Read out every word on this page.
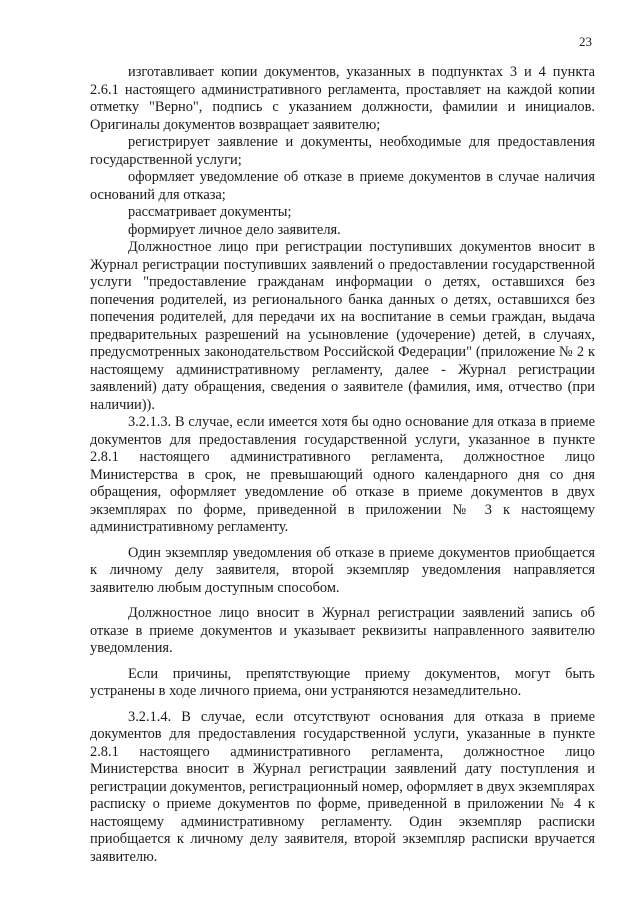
23

изготавливает копии документов, указанных в подпунктах 3 и 4 пункта 2.6.1 настоящего административного регламента, проставляет на каждой копии отметку "Верно", подпись с указанием должности, фамилии и инициалов. Оригиналы документов возвращает заявителю;

регистрирует заявление и документы, необходимые для предоставления государственной услуги;

оформляет уведомление об отказе в приеме документов в случае наличия оснований для отказа;

рассматривает документы;

формирует личное дело заявителя.

Должностное лицо при регистрации поступивших документов вносит в Журнал регистрации поступивших заявлений о предоставлении государственной услуги "предоставление гражданам информации о детях, оставшихся без попечения родителей, из регионального банка данных о детях, оставшихся без попечения родителей, для передачи их на воспитание в семьи граждан, выдача предварительных разрешений на усыновление (удочерение) детей, в случаях, предусмотренных законодательством Российской Федерации" (приложение № 2 к настоящему административному регламенту, далее - Журнал регистрации заявлений) дату обращения, сведения о заявителе (фамилия, имя, отчество (при наличии)).

3.2.1.3. В случае, если имеется хотя бы одно основание для отказа в приеме документов для предоставления государственной услуги, указанное в пункте 2.8.1 настоящего административного регламента, должностное лицо Министерства в срок, не превышающий одного календарного дня со дня обращения, оформляет уведомление об отказе в приеме документов в двух экземплярах по форме, приведенной в приложении № 3 к настоящему административному регламенту.

Один экземпляр уведомления об отказе в приеме документов приобщается к личному делу заявителя, второй экземпляр уведомления направляется заявителю любым доступным способом.

Должностное лицо вносит в Журнал регистрации заявлений запись об отказе в приеме документов и указывает реквизиты направленного заявителю уведомления.

Если причины, препятствующие приему документов, могут быть устранены в ходе личного приема, они устраняются незамедлительно.

3.2.1.4. В случае, если отсутствуют основания для отказа в приеме документов для предоставления государственной услуги, указанные в пункте 2.8.1 настоящего административного регламента, должностное лицо Министерства вносит в Журнал регистрации заявлений дату поступления и регистрации документов, регистрационный номер, оформляет в двух экземплярах расписку о приеме документов по форме, приведенной в приложении № 4 к настоящему административному регламенту. Один экземпляр расписки приобщается к личному делу заявителя, второй экземпляр расписки вручается заявителю.
